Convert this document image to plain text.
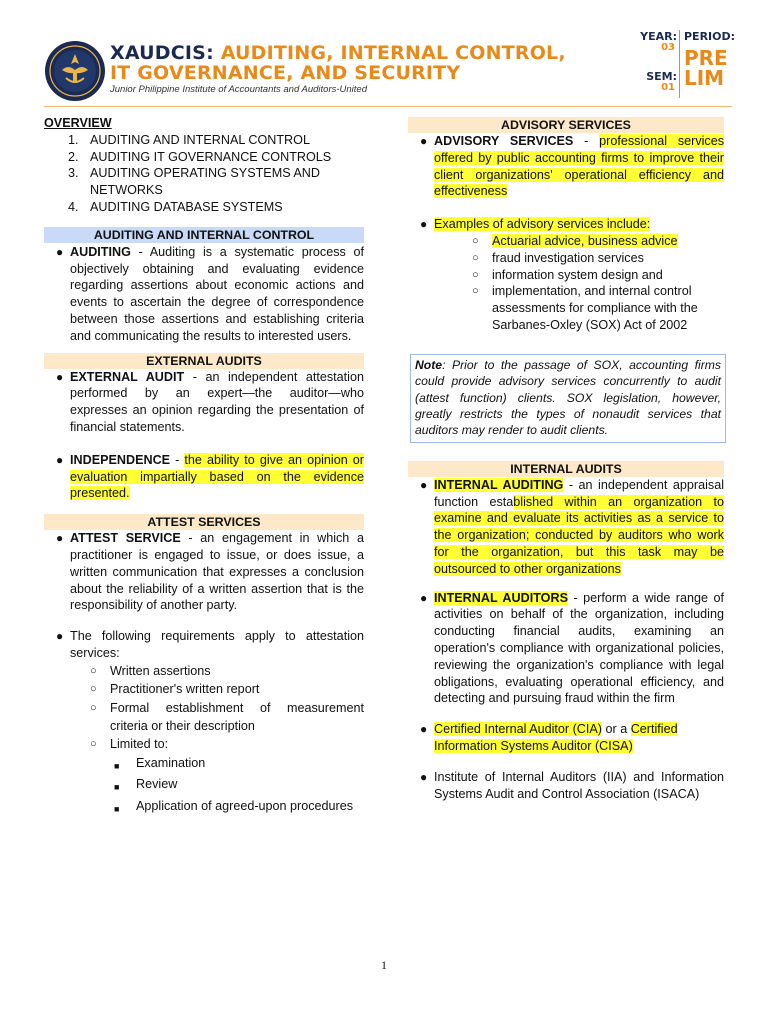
XAUDCIS: AUDITING, INTERNAL CONTROL,
IT GOVERNANCE, AND SECURITY
Junior Philippine Institute of Accountants and Auditors-United
YEAR:
03
SEM:
01
PERIOD:
PRE
LIM
OVERVIEW
1. AUDITING AND INTERNAL CONTROL
2. AUDITING IT GOVERNANCE CONTROLS
3. AUDITING OPERATING SYSTEMS AND NETWORKS
4. AUDITING DATABASE SYSTEMS
AUDITING AND INTERNAL CONTROL
● AUDITING - Auditing is a systematic process of objectively obtaining and evaluating evidence regarding assertions about economic actions and events to ascertain the degree of correspondence between those assertions and establishing criteria and communicating the results to interested users.
EXTERNAL AUDITS
● EXTERNAL AUDIT - an independent attestation performed by an expert—the auditor—who expresses an opinion regarding the presentation of financial statements.
● INDEPENDENCE - the ability to give an opinion or evaluation impartially based on the evidence presented.
ATTEST SERVICES
● ATTEST SERVICE - an engagement in which a practitioner is engaged to issue, or does issue, a written communication that expresses a conclusion about the reliability of a written assertion that is the responsibility of another party.
● The following requirements apply to attestation services:
○	Written assertions
○	Practitioner's written report
○	Formal establishment of measurement criteria or their description
○	Limited to:
■	Examination
■	Review
■	Application of agreed-upon procedures
ADVISORY SERVICES
● ADVISORY SERVICES - professional services offered by public accounting firms to improve their client organizations' operational efficiency and effectiveness
● Examples of advisory services include:
○	Actuarial advice, business advice
○	fraud investigation services
○	information system design and
○	implementation, and internal control assessments for compliance with the Sarbanes-Oxley (SOX) Act of 2002
Note: Prior to the passage of SOX, accounting firms could provide advisory services concurrently to audit (attest function) clients. SOX legislation, however, greatly restricts the types of nonaudit services that auditors may render to audit clients.
INTERNAL AUDITS
● INTERNAL AUDITING - an independent appraisal function established within an organization to examine and evaluate its activities as a service to the organization; conducted by auditors who work for the organization, but this task may be outsourced to other organizations
● INTERNAL AUDITORS - perform a wide range of activities on behalf of the organization, including conducting financial audits, examining an operation's compliance with organizational policies, reviewing the organization's compliance with legal obligations, evaluating operational efficiency, and detecting and pursuing fraud within the firm
● Certified Internal Auditor (CIA) or a Certified Information Systems Auditor (CISA)
● Institute of Internal Auditors (IIA) and Information Systems Audit and Control Association (ISACA)
1
